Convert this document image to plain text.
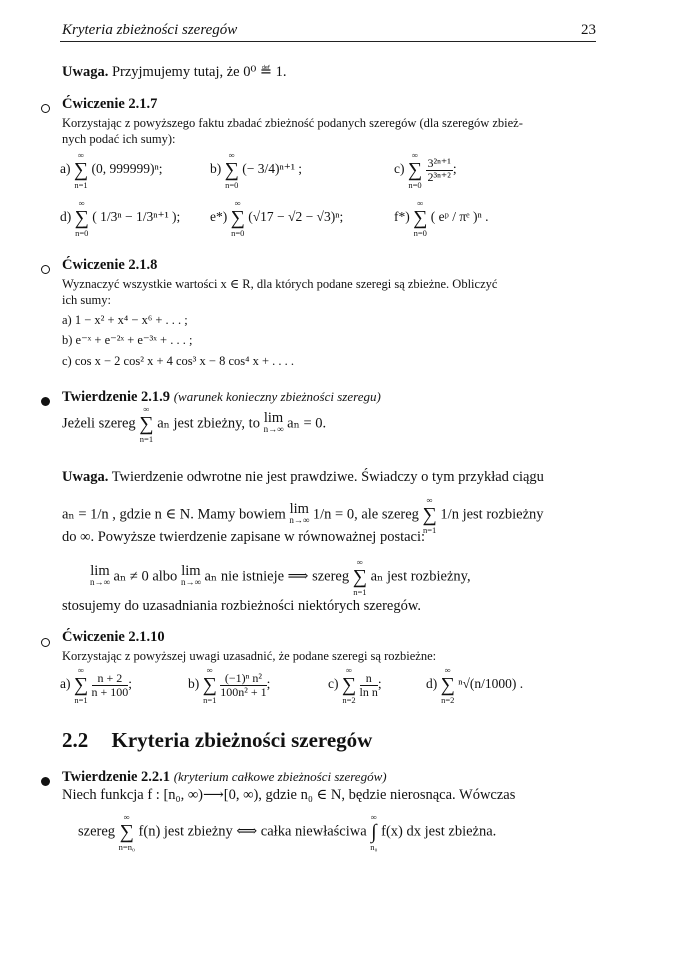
Kryteria zbieżności szeregów	23
Uwaga. Przyjmujemy tutaj, że 0⁰ ≝ 1.
Ćwiczenie 2.1.7
Korzystając z powyższego faktu zbadać zbieżność podanych szeregów (dla szeregów zbież-
nych podać ich sumy):
a)
∞
∑
n=1
(0, 999999)ⁿ;	b)
∞
∑
n=0
(− 3/4)ⁿ⁺¹ ;	c)
∞
∑
n=0

$\frac{\text{3²ⁿ⁺¹}}{\text{2³ⁿ⁺²}}$ ;
d)
∞
∑
n=0
( 1/3ⁿ − 1/3ⁿ⁺¹ ); e*)
∞
∑
n=0
(√17 − √2 − √3)ⁿ;	f*)
∞
∑
n=0
( eᵖ / πᵉ )ⁿ .
Ćwiczenie 2.1.8
Wyznaczyć wszystkie wartości x ∈ R, dla których podane szeregi są zbieżne. Obliczyć
ich sumy:
a) 1 − x² + x⁴ − x⁶ + . . . ;
b) e⁻ˣ + e⁻²ˣ + e⁻³ˣ + . . . ;
c) cos x − 2 cos² x + 4 cos³ x − 8 cos⁴ x + . . . .
Twierdzenie 2.1.9 (warunek konieczny zbieżności szeregu)
Jeżeli szereg
∞
∑
n=1
aₙ jest zbieżny, to lim
n→∞ aₙ = 0.
Uwaga. Twierdzenie odwrotne nie jest prawdziwe. Świadczy o tym przykład ciągu
aₙ = 1/n , gdzie n ∈ N. Mamy bowiem lim
n→∞ 1/n = 0, ale szereg
∞
∑
n=1
1/n jest rozbieżny
do ∞. Powyższe twierdzenie zapisane w równoważnej postaci:
lim
n→∞ aₙ ≠ 0 albo lim
n→∞ aₙ nie istnieje ⟹ szereg
∞
∑
n=1
aₙ jest rozbieżny,
stosujemy do uzasadniania rozbieżności niektórych szeregów.
Ćwiczenie 2.1.10
Korzystając z powyższej uwagi uzasadnić, że podane szeregi są rozbieżne:
a)
∞
∑
n=1

$\frac{n + 2}{n + 100}$ ;	b)
∞
∑
n=1

$\frac{\text{(−1)ⁿ n²}}{\text{100n² + 1}}$ ;	c)
∞
∑
n=2

$\frac{n}{\text{ln n}}$ ;	d)
∞
∑
n=2
ⁿ√(n/1000) .
2.2 Kryteria zbieżności szeregów
Twierdzenie 2.2.1 (kryterium całkowe zbieżności szeregów)
Niech funkcja f : [n₀, ∞)⟶[0, ∞), gdzie n₀ ∈ N, będzie nierosnąca. Wówczas
szereg
∞
∑
n=n₀
f(n) jest zbieżny ⟺ całka niewłaściwa
∞
∫
n₀
f(x) dx jest zbieżna.
